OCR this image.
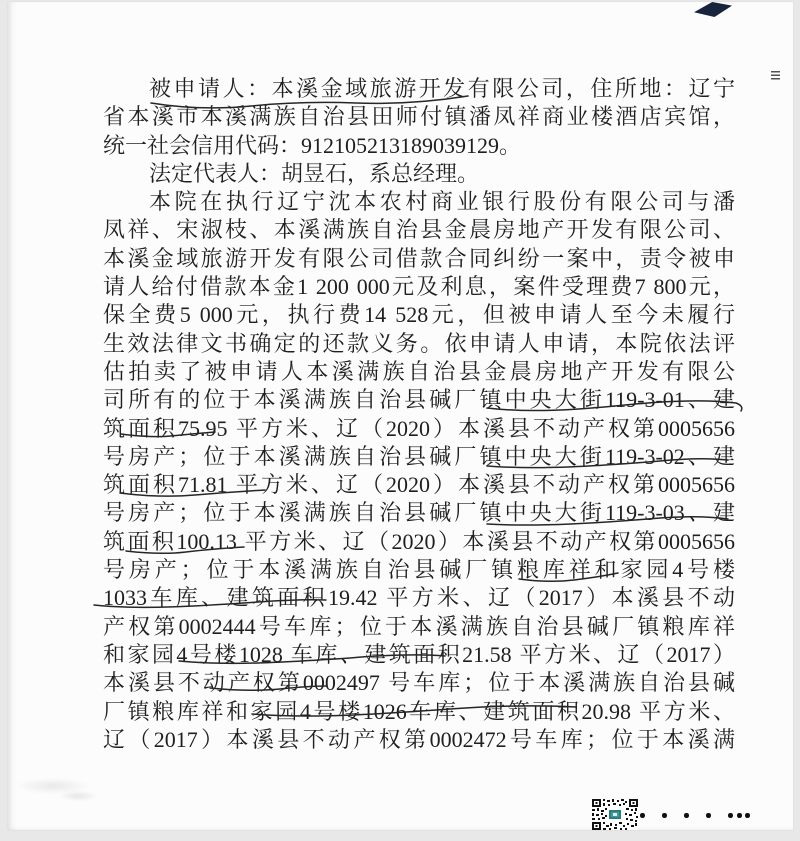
被申请人：本溪金域旅游开发有限公司，住所地：辽宁
省本溪市本溪满族自治县田师付镇潘凤祥商业楼酒店宾馆，
统一社会信用代码：912105213189039129。
法定代表人：胡昱石，系总经理。
本院在执行辽宁沈本农村商业银行股份有限公司与潘
凤祥、宋淑枝、本溪满族自治县金晨房地产开发有限公司、
本溪金域旅游开发有限公司借款合同纠纷一案中，责令被申
请人给付借款本金1 200 000元及利息，案件受理费7 800元，
保全费5 000元，执行费14 528元，但被申请人至今未履行
生效法律文书确定的还款义务。依申请人申请，本院依法评
估拍卖了被申请人本溪满族自治县金晨房地产开发有限公
司所有的位于本溪满族自治县碱厂镇中央大街119-3-01、建
筑面积75.95 平方米、辽（2020）本溪县不动产权第0005656
号房产；位于本溪满族自治县碱厂镇中央大街119-3-02、建
筑面积71.81 平方米、辽（2020）本溪县不动产权第0005656
号房产；位于本溪满族自治县碱厂镇中央大街119-3-03、建
筑面积100.13 平方米、辽（2020）本溪县不动产权第0005656
号房产；位于本溪满族自治县碱厂镇粮库祥和家园4号楼
1033车库、建筑面积19.42 平方米、辽（2017）本溪县不动
产权第0002444号车库；位于本溪满族自治县碱厂镇粮库祥
和家园4号楼1028 车库、建筑面积21.58 平方米、辽（2017）
本溪县不动产权第0002497 号车库；位于本溪满族自治县碱
厂镇粮库祥和家园4号楼1026车库、建筑面积20.98 平方米、
辽（2017）本溪县不动产权第0002472号车库；位于本溪满
